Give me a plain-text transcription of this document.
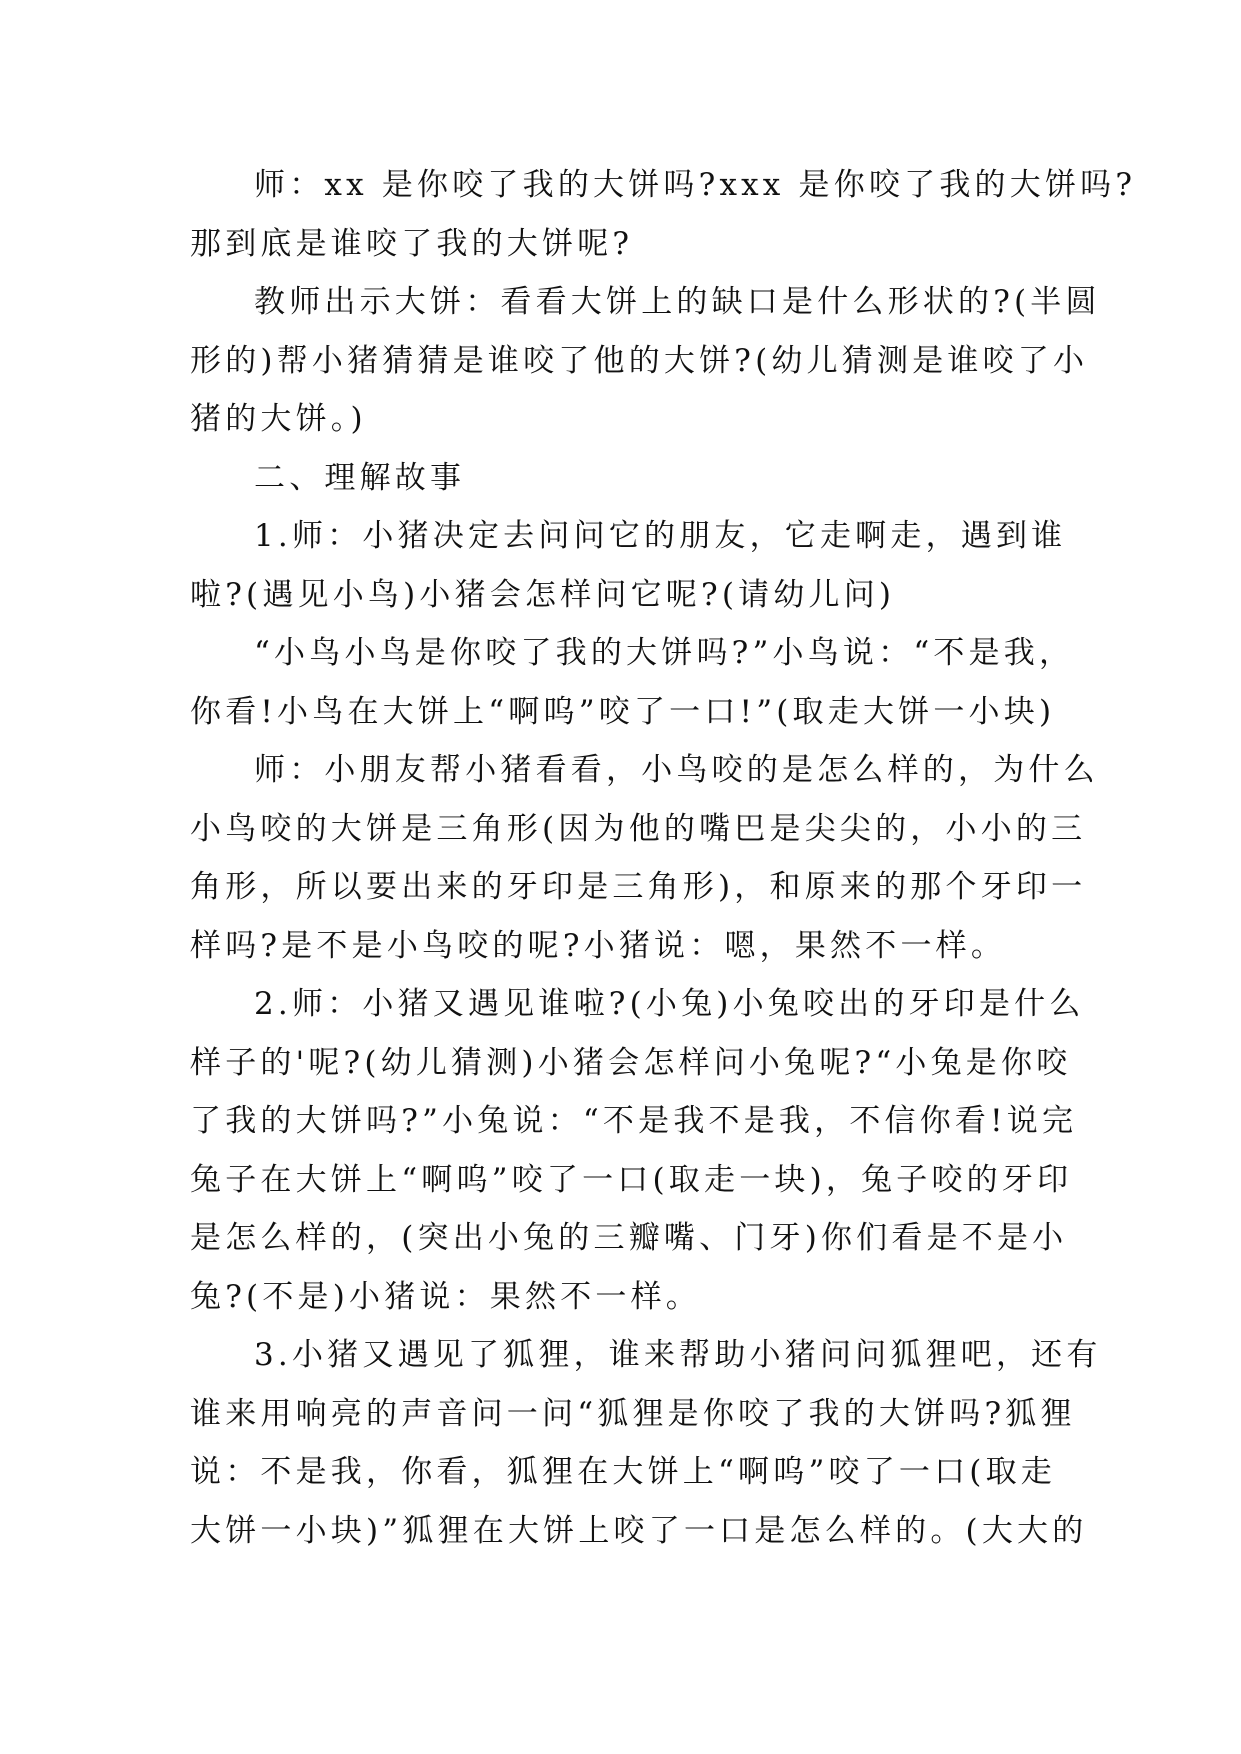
师：xx 是你咬了我的大饼吗?xxx 是你咬了我的大饼吗?

那到底是谁咬了我的大饼呢?

教师出示大饼：看看大饼上的缺口是什么形状的?(半圆

形的)帮小猪猜猜是谁咬了他的大饼?(幼儿猜测是谁咬了小

猪的大饼。)

二、理解故事

1.师：小猪决定去问问它的朋友，它走啊走，遇到谁

啦?(遇见小鸟)小猪会怎样问它呢?(请幼儿问)

“小鸟小鸟是你咬了我的大饼吗?”小鸟说：“不是我，

你看!小鸟在大饼上“啊呜”咬了一口!”(取走大饼一小块)

师：小朋友帮小猪看看，小鸟咬的是怎么样的，为什么

小鸟咬的大饼是三角形(因为他的嘴巴是尖尖的，小小的三

角形，所以要出来的牙印是三角形)，和原来的那个牙印一

样吗?是不是小鸟咬的呢?小猪说：嗯，果然不一样。

2.师：小猪又遇见谁啦?(小兔)小兔咬出的牙印是什么

样子的'呢?(幼儿猜测)小猪会怎样问小兔呢?“小兔是你咬

了我的大饼吗?”小兔说：“不是我不是我，不信你看!说完

兔子在大饼上“啊呜”咬了一口(取走一块)，兔子咬的牙印

是怎么样的，(突出小兔的三瓣嘴、门牙)你们看是不是小

兔?(不是)小猪说：果然不一样。

3.小猪又遇见了狐狸，谁来帮助小猪问问狐狸吧，还有

谁来用响亮的声音问一问“狐狸是你咬了我的大饼吗?狐狸

说：不是我，你看，狐狸在大饼上“啊呜”咬了一口(取走

大饼一小块)”狐狸在大饼上咬了一口是怎么样的。(大大的
